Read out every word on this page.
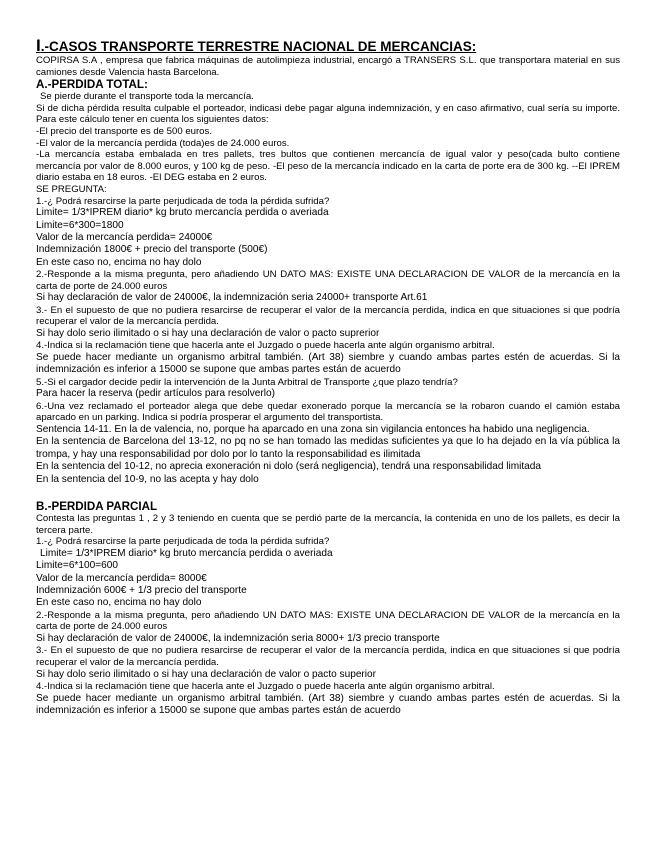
I.-CASOS TRANSPORTE TERRESTRE NACIONAL DE MERCANCIAS:

COPIRSA S.A , empresa que fabrica máquinas de autolimpieza industrial, encargó a TRANSERS S.L. que transportara material en sus camiones desde Valencia hasta Barcelona.

A.-PERDIDA TOTAL:

Se pierde durante el transporte toda la mercancía.

Si de dicha pérdida resulta culpable el porteador, indicasi debe pagar alguna indemnización, y en caso afirmativo, cual sería su importe. Para este cálculo tener en cuenta los siguientes datos:

-El precio del transporte es de 500 euros.

-El valor de la mercancía perdida (toda)es de 24.000 euros.

-La mercancía estaba embalada en tres pallets, tres bultos que contienen mercancía de igual valor y peso(cada bulto contiene mercancía por valor de 8.000 euros, y 100 kg de peso. -El peso de la mercancía indicado en la carta de porte era de 300 kg. --El IPREM diario estaba en 18 euros. -El DEG estaba en 2 euros.

SE PREGUNTA:

1.-¿ Podrá resarcirse la parte perjudicada de toda la pérdida sufrida?

Limite= 1/3*IPREM diario* kg bruto mercancía perdida o averiada

Limite=6*300=1800

Valor de la mercancía perdida= 24000€

Indemnización 1800€ + precio del transporte (500€)

En este caso no, encima no hay dolo

2.-Responde a la misma pregunta, pero añadiendo UN DATO MAS: EXISTE UNA DECLARACION DE VALOR de la mercancía en la carta de porte de 24.000 euros

Si hay declaración de valor de 24000€, la indemnización seria 24000+ transporte Art.61

3.- En el supuesto de que no pudiera resarcirse de recuperar el valor de la mercancía perdida, indica en que situaciones si que podría recuperar el valor de la mercancía perdida.

Si hay dolo serio ilimitado o si hay una declaración de valor o pacto suprerior

4.-Indica si la reclamación tiene que hacerla ante el Juzgado o puede hacerla ante algún organismo arbitral.

Se puede hacer mediante un organismo arbitral también. (Art 38) siembre y cuando ambas partes estén de acuerdas. Si la indemnización es inferior a 15000 se supone que ambas partes están de acuerdo

5.-Si el cargador decide pedir la intervención de la Junta Arbitral de Transporte ¿que plazo tendría?

Para hacer la reserva (pedir artículos para resolverlo)

6.-Una vez reclamado el porteador alega que debe quedar exonerado porque la mercancía se la robaron cuando el camión estaba aparcado en un parking. Indica si podría prosperar el argumento del transportista.

Sentencia 14-11. En la de valencia, no, porque ha aparcado en una zona sin vigilancia entonces ha habido una negligencia.

En la sentencia de Barcelona del 13-12, no pq no se han tomado las medidas suficientes ya que lo ha dejado en la vía pública la trompa, y hay una responsabilidad por dolo por lo tanto la responsabilidad es ilimitada

En la sentencia del 10-12, no aprecia exoneración ni dolo (será negligencia), tendrá una responsabilidad limitada

En la sentencia del 10-9, no las acepta y hay dolo

B.-PERDIDA PARCIAL

Contesta las preguntas 1 , 2 y 3 teniendo en cuenta que se perdió parte de la mercancía, la contenida en uno de los pallets, es decir la tercera parte.

1.-¿ Podrá resarcirse la parte perjudicada de toda la pérdida sufrida?

Limite= 1/3*IPREM diario* kg bruto mercancía perdida o averiada

Limite=6*100=600

Valor de la mercancía perdida= 8000€

Indemnización 600€ + 1/3 precio del transporte

En este caso no, encima no hay dolo

2.-Responde a la misma pregunta, pero añadiendo UN DATO MAS: EXISTE UNA DECLARACION DE VALOR de la mercancía en la carta de porte de 24.000 euros

Si hay declaración de valor de 24000€, la indemnización seria 8000+ 1/3 precio transporte

3.- En el supuesto de que no pudiera resarcirse de recuperar el valor de la mercancía perdida, indica en que situaciones si que podría recuperar el valor de la mercancía perdida.

Si hay dolo serio ilimitado o si hay una declaración de valor o pacto superior

4.-Indica si la reclamación tiene que hacerla ante el Juzgado o puede hacerla ante algún organismo arbitral.

Se puede hacer mediante un organismo arbitral también. (Art 38) siembre y cuando ambas partes estén de acuerdas. Si la indemnización es inferior a 15000 se supone que ambas partes están de acuerdo
